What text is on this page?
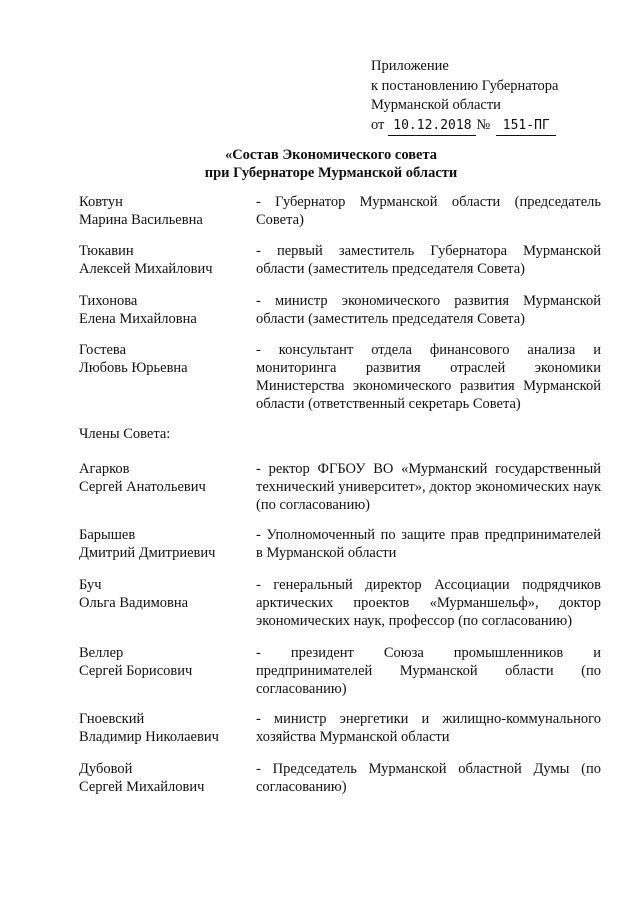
Приложение
к постановлению Губернатора
Мурманской области
от 10.12.2018 № 151-ПГ
«Состав Экономического совета
при Губернаторе Мурманской области
Ковтун
Марина Васильевна
- Губернатор Мурманской области (председатель Совета)
Тюкавин
Алексей Михайлович
- первый заместитель Губернатора Мурманской области (заместитель председателя Совета)
Тихонова
Елена Михайловна
- министр экономического развития Мурманской области (заместитель председателя Совета)
Гостева
Любовь Юрьевна
- консультант отдела финансового анализа и мониторинга развития отраслей экономики Министерства экономического развития Мурманской области (ответственный секретарь Совета)
Члены Совета:
Агарков
Сергей Анатольевич
- ректор ФГБОУ ВО «Мурманский государственный технический университет», доктор экономических наук (по согласованию)
Барышев
Дмитрий Дмитриевич
- Уполномоченный по защите прав предпринимателей в Мурманской области
Буч
Ольга Вадимовна
- генеральный директор Ассоциации подрядчиков арктических проектов «Мурманшельф», доктор экономических наук, профессор (по согласованию)
Веллер
Сергей Борисович
- президент Союза промышленников и предпринимателей Мурманской области (по согласованию)
Гноевский
Владимир Николаевич
- министр энергетики и жилищно-коммунального хозяйства Мурманской области
Дубовой
Сергей Михайлович
- Председатель Мурманской областной Думы (по согласованию)
